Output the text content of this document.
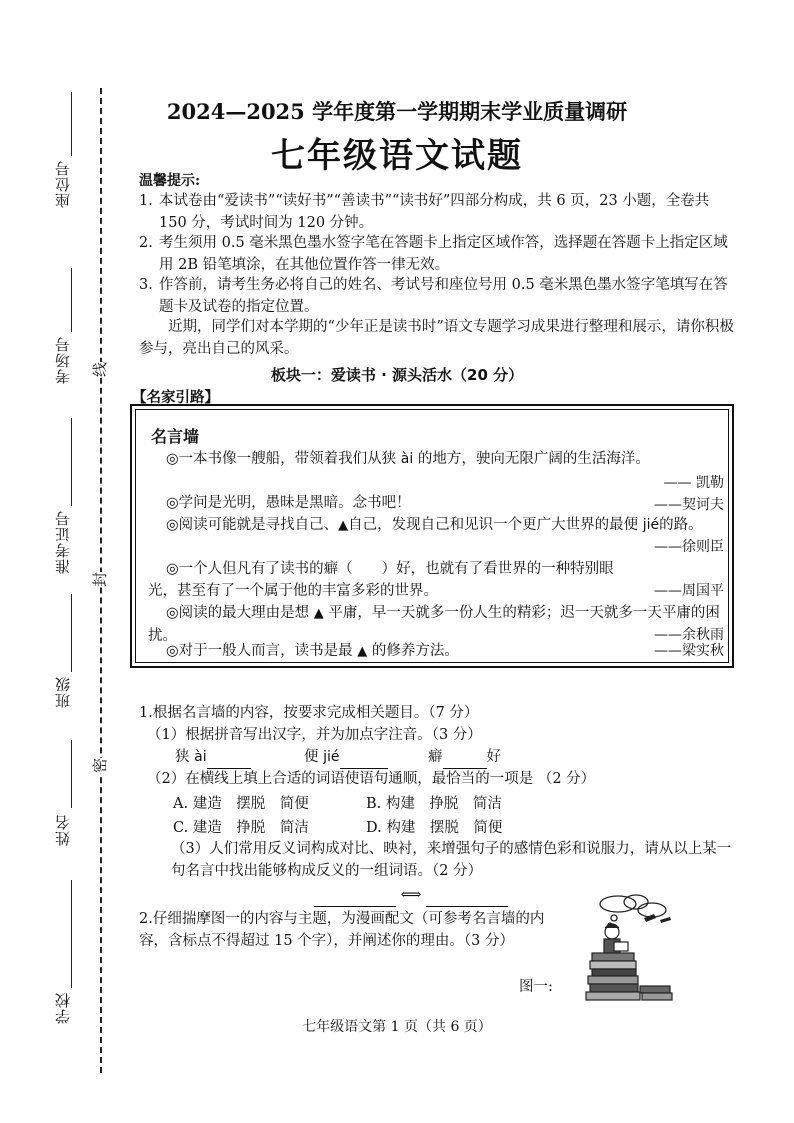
座位号
考场号
准考证号
班级
姓名
学校
线
封
密
2024—2025 学年度第一学期期末学业质量调研
七年级语文试题
温馨提示:
1. 本试卷由“爱读书”“读好书”“善读书”“读书好”四部分构成，共 6 页，23 小题，全卷共 150 分，考试时间为 120 分钟。
2. 考生须用 0.5 毫米黑色墨水签字笔在答题卡上指定区域作答，选择题在答题卡上指定区域用 2B 铅笔填涂，在其他位置作答一律无效。
3. 作答前，请考生务必将自己的姓名、考试号和座位号用 0.5 毫米黑色墨水签字笔填写在答题卡及试卷的指定位置。
近期，同学们对本学期的“少年正是读书时”语文专题学习成果进行整理和展示，请你积极参与，亮出自己的风采。
板块一：爱读书 · 源头活水（20 分）
【名家引路】
名言墙
◎一本书像一艘船，带领着我们从狭 ài 的地方，驶向无限广阔的生活海洋。
—— 凯勒
◎学问是光明，愚昧是黑暗。念书吧！	——契诃夫
◎阅读可能就是寻找自己、▲自己，发现自己和见识一个更广大世界的最便 jié的路。
——徐则臣
◎一个人但凡有了读书的癖（　　）好，也就有了看世界的一种特别眼光，甚至有了一个属于他的丰富多彩的世界。	——周国平
◎阅读的最大理由是想 ▲ 平庸，早一天就多一份人生的精彩；迟一天就多一天平庸的困扰。	——余秋雨
◎对于一般人而言，读书是最 ▲ 的修养方法。	——梁实秋
1.根据名言墙的内容，按要求完成相关题目。（7 分）
（1）根据拼音写出汉字，并为加点字注音。（3 分）
狭 ài	便 jié	癖	好
（2）在横线上填上合适的词语使语句通顺，最恰当的一项是 （2 分）
A. 建造　摆脱　简便	B. 构建　挣脱　简洁
C. 建造　挣脱　简洁	D. 构建　摆脱　简便
（3）人们常用反义词构成对比、映衬，来增强句子的感情色彩和说服力，请从以上某一句名言中找出能够构成反义的一组词语。（2 分）
⟺
2.仔细揣摩图一的内容与主题，为漫画配文（可参考名言墙的内容，含标点不得超过 15 个字），并阐述你的理由。（3 分）
图一:
七年级语文第 1 页（共 6 页）
